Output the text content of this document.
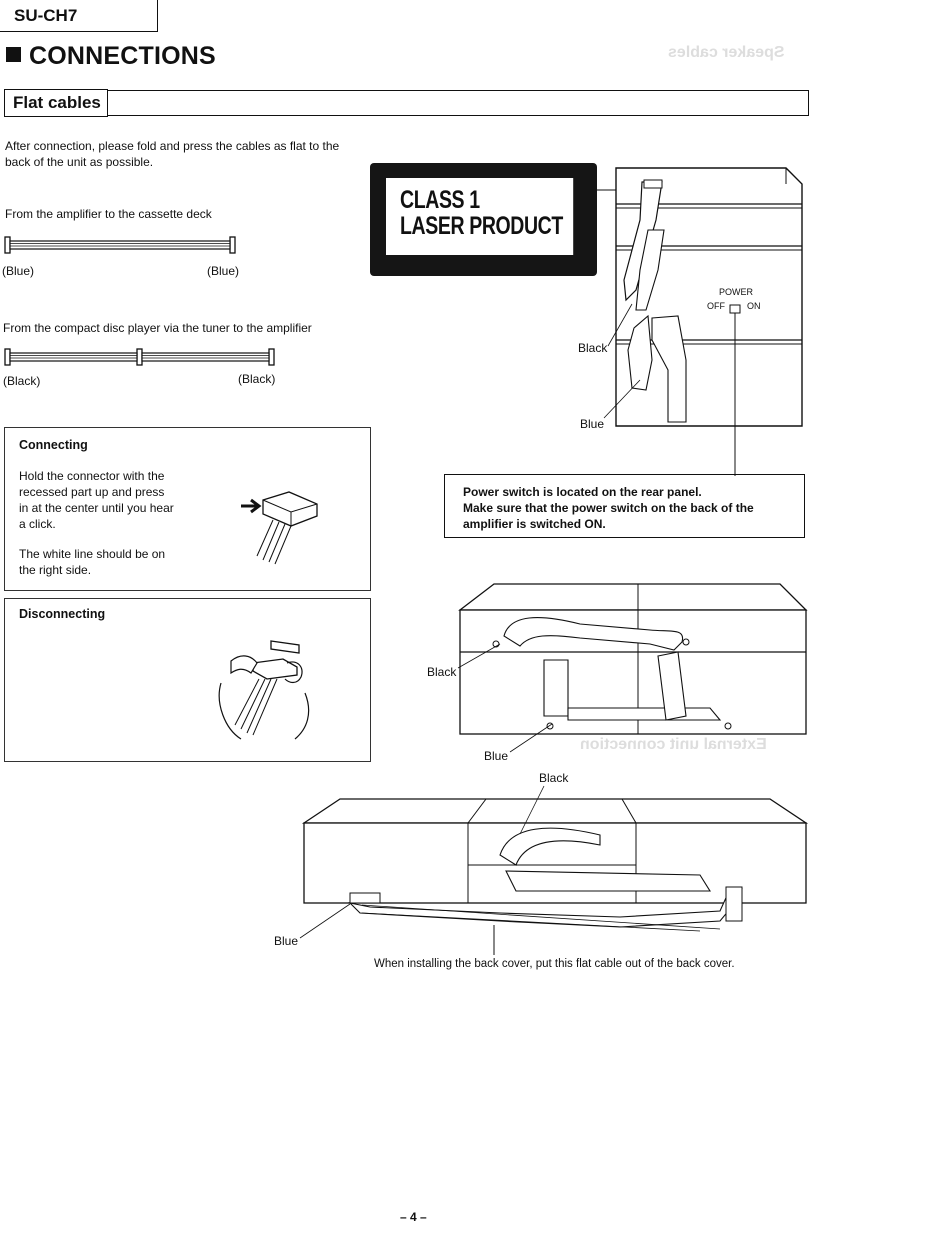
Speaker cables
External unit connection
SU-CH7
CONNECTIONS
Flat cables
After connection, please fold and press the cables as flat to the
back of the unit as possible.
From the amplifier to the cassette deck
(Blue)	(Blue)
From the compact disc player via the tuner to the amplifier
(Black)	(Black)
Connecting
Hold the connector with the
recessed part up and press
in at the center until you hear
a click.
The white line should be on
the right side.
Disconnecting
CLASS 1
LASER PRODUCT
POWER
OFF ON
Black
Blue
Power switch is located on the rear panel.
Make sure that the power switch on the back of the
amplifier is switched ON.
Black
Blue
Black
Blue
When installing the back cover, put this flat cable out of the back cover.
– 4 –
